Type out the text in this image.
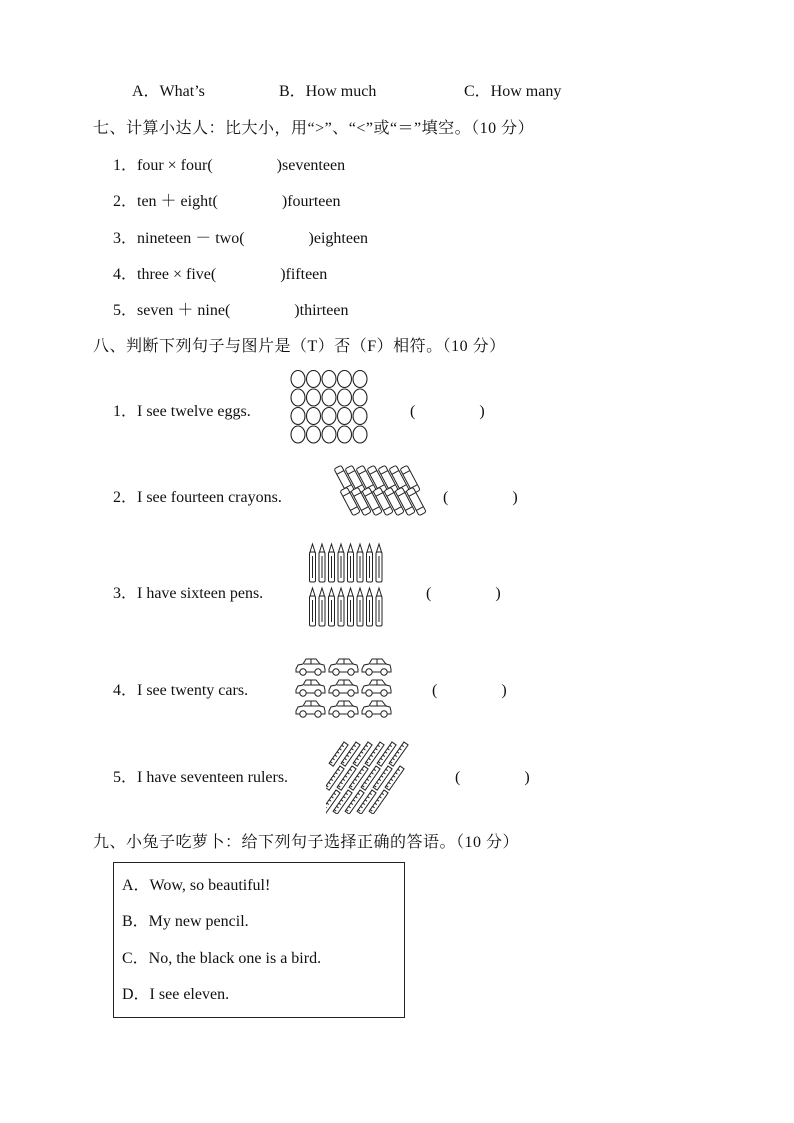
A．What’s	B．How much	C．How many
七、计算小达人：比大小，用“>”、“<”或“＝”填空。（10 分）
1．four × four(　　　　)seventeen
2．ten ＋ eight(　　　　)fourteen
3．nineteen － two(　　　　)eighteen
4．three × five(　　　　)fifteen
5．seven ＋ nine(　　　　)thirteen
八、判断下列句子与图片是（T）否（F）相符。（10 分）
1．I see twelve eggs.	(　　　　)
2．I see fourteen crayons.	(　　　　)
3．I have sixteen pens.	(　　　　)
4．I see twenty cars.	(　　　　)
5．I have seventeen rulers.	(　　　　)
九、小兔子吃萝卜：给下列句子选择正确的答语。（10 分）
A．Wow, so beautiful!
B．My new pencil.
C．No, the black one is a bird.
D．I see eleven.
